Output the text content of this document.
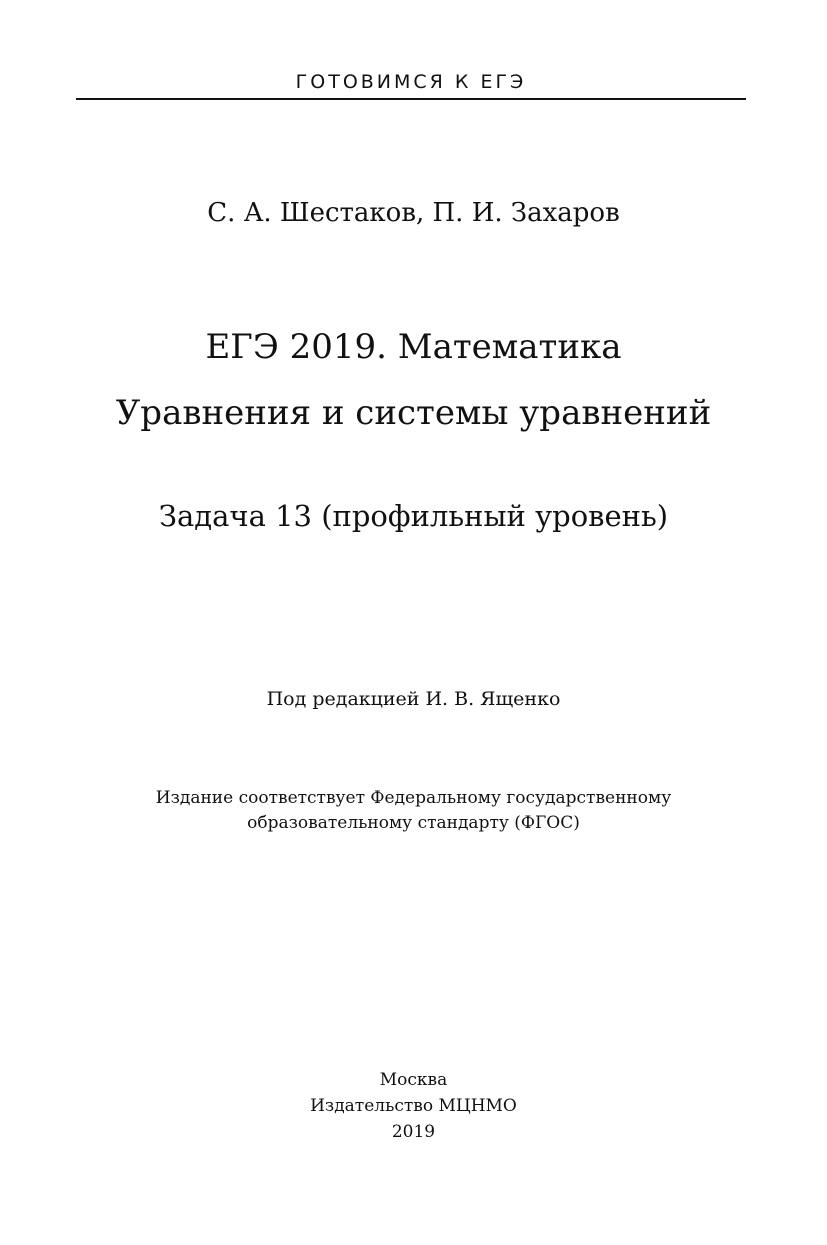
ГОТОВИМСЯ К ЕГЭ
С. А. Шестаков, П. И. Захаров
ЕГЭ 2019. Математика
Уравнения и системы уравнений
Задача 13 (профильный уровень)
Под редакцией И. В. Ященко
Издание соответствует Федеральному государственному
образовательному стандарту (ФГОС)
Москва
Издательство МЦНМО
2019
